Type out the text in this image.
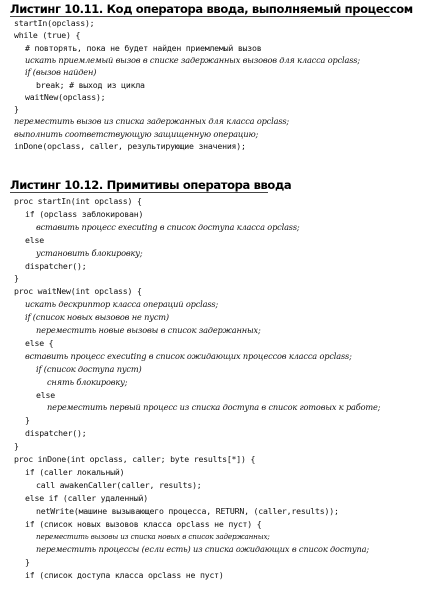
Листинг 10.11. Код оператора ввода, выполняемый процессом
startIn(opclass);
while (true) {
# повторять, пока не будет найден приемлемый вызов
искать приемлемый вызов в списке задержанных вызовов для класса opclass;
if (вызов найден)
break; # выход из цикла
waitNew(opclass);
}
переместить вызов из списка задержанных для класса opclass;
выполнить соответствующую защищенную операцию;
inDone(opclass, caller, результирующие значения);
Листинг 10.12. Примитивы оператора ввода
proc startIn(int opclass) {
if (opclass заблокирован)
вставить процесс executing в список доступа класса opclass;
else
установить блокировку;
dispatcher();
}
proc waitNew(int opclass) {
искать дескриптор класса операций opclass;
if (список новых вызовов не пуст)
переместить новые вызовы в список задержанных;
else {
вставить процесс executing в список ожидающих процессов класса opclass;
if (список доступа пуст)
снять блокировку;
else
переместить первый процесс из списка доступа в список готовых к работе;
}
dispatcher();
}
proc inDone(int opclass, caller; byte results[*]) {
if (caller локальный)
call awakenCaller(caller, results);
else if (caller удаленный)
netWrite(машине вызывающего процесса, RETURN, (caller,results));
if (список новых вызовов класса opclass не пуст) {
переместить вызовы из списка новых в список задержанных;
переместить процессы (если есть) из списка ожидающих в список доступа;
}
if (список доступа класса opclass не пуст)
